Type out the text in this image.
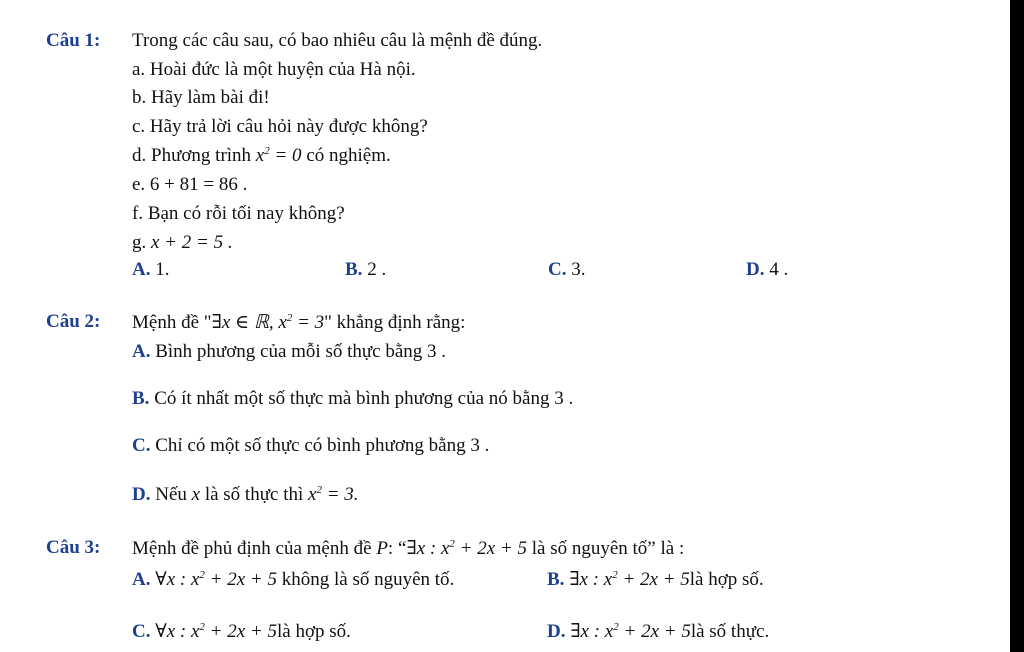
Câu 1: Trong các câu sau, có bao nhiêu câu là mệnh đề đúng.
a. Hoài đức là một huyện của Hà nội.
b. Hãy làm bài đi!
c. Hãy trả lời câu hỏi này được không?
d. Phương trình $x^2 = 0$ có nghiệm.
e. 6 + 81 = 86 .
f. Bạn có rỗi tối nay không?
g. x + 2 = 5 .
A. 1.	B. 2 .	C. 3.	D. 4 .
Câu 2: Mệnh đề "∃x ∈ ℝ, $x^2 = 3$" khẳng định rằng:
A. Bình phương của mỗi số thực bằng 3 .
B. Có ít nhất một số thực mà bình phương của nó bằng 3 .
C. Chỉ có một số thực có bình phương bằng 3 .
D. Nếu x là số thực thì $x^2 = 3$.
Câu 3: Mệnh đề phủ định của mệnh đề P: “∃x : $x^2 + 2x + 5$ là số nguyên tố” là :
A. ∀x : $x^2 + 2x + 5$ không là số nguyên tố.	B. ∃x : $x^2 + 2x$ + 5là hợp số.
C. ∀x : $x^2 + 2x$ + 5là hợp số.	D. ∃x : $x^2 + 2x$ + 5là số thực.
